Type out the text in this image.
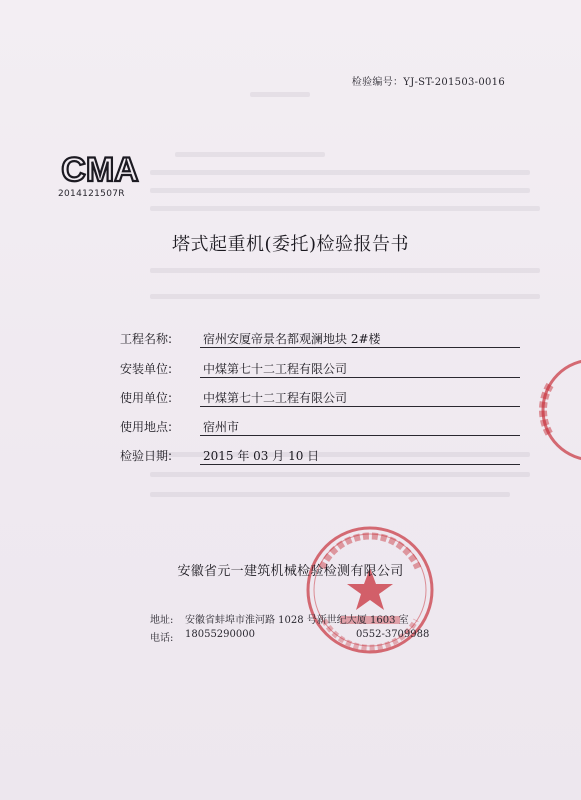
检验编号：YJ-ST-201503-0016
CMA
2014121507R
塔式起重机(委托)检验报告书
工程名称:	宿州安厦帝景名都观澜地块 2#楼
安装单位:	中煤第七十二工程有限公司
使用单位:	中煤第七十二工程有限公司
使用地点:	宿州市
检验日期:	2015 年 03 月 10 日
安徽省元一建筑机械检验检测有限公司
地址: 安徽省蚌埠市淮河路 1028 号新世纪大厦 1603 室
电话: 18055290000	0552-3709988
